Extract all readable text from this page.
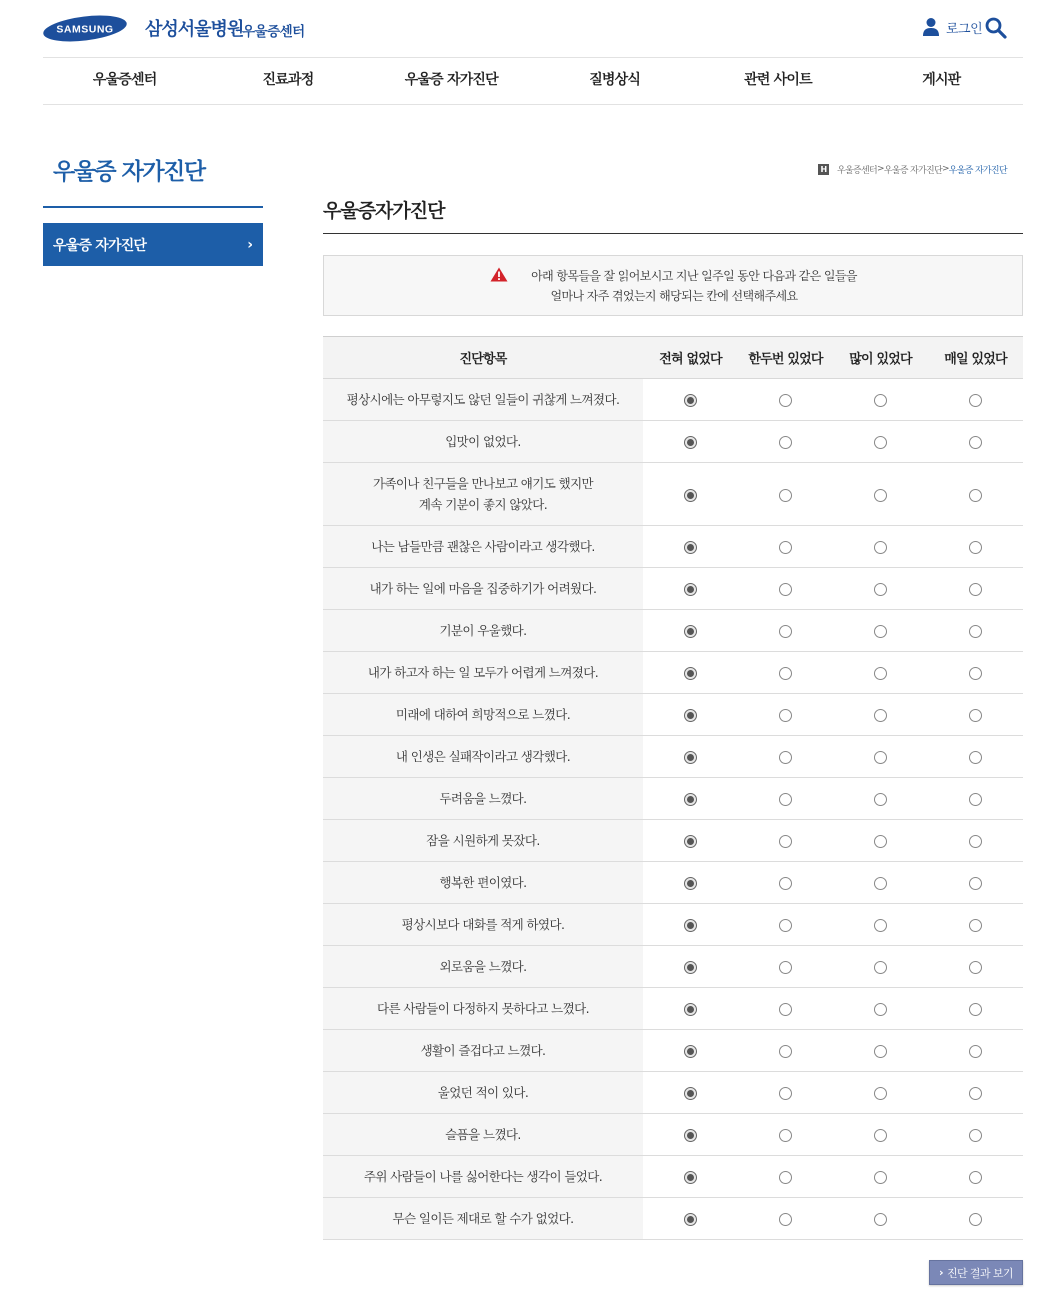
SAMSUNG 삼성서울병원
우울증센터	로그인
우울증센터	진료과정	우울증 자가진단	질병상식	관련 사이트	게시판
우울증 자가진단
우울증 자가진단	›
H 우울증센터 > 우울증 자가진단 > 우울증 자가진단
우울증자가진단
아래 항목들을 잘 읽어보시고 지난 일주일 동안 다음과 같은 일들을
얼마나 자주 겪었는지 해당되는 칸에 선택해주세요
진단항목	전혀 없었다	한두번 있었다	많이 있었다	매일 있었다

평상시에는 아무렇지도 않던 일들이 귀찮게 느껴졌다.				

입맛이 없었다.				

가족이나 친구들을 만나보고 얘기도 했지만
계속 기분이 좋지 않았다.				

나는 남들만큼 괜찮은 사람이라고 생각했다.				

내가 하는 일에 마음을 집중하기가 어려웠다.				

기분이 우울했다.				

내가 하고자 하는 일 모두가 어렵게 느껴졌다.				

미래에 대하여 희망적으로 느꼈다.				

내 인생은 실패작이라고 생각했다.				

두려움을 느꼈다.				

잠을 시원하게 못잤다.				

행복한 편이였다.				

평상시보다 대화를 적게 하였다.				

외로움을 느꼈다.				

다른 사람들이 다정하지 못하다고 느꼈다.				

생활이 즐겁다고 느꼈다.				

울었던 적이 있다.				

슬픔을 느꼈다.				

주위 사람들이 나를 싫어한다는 생각이 들었다.				

무슨 일이든 제대로 할 수가 없었다.				

› 진단 결과 보기
